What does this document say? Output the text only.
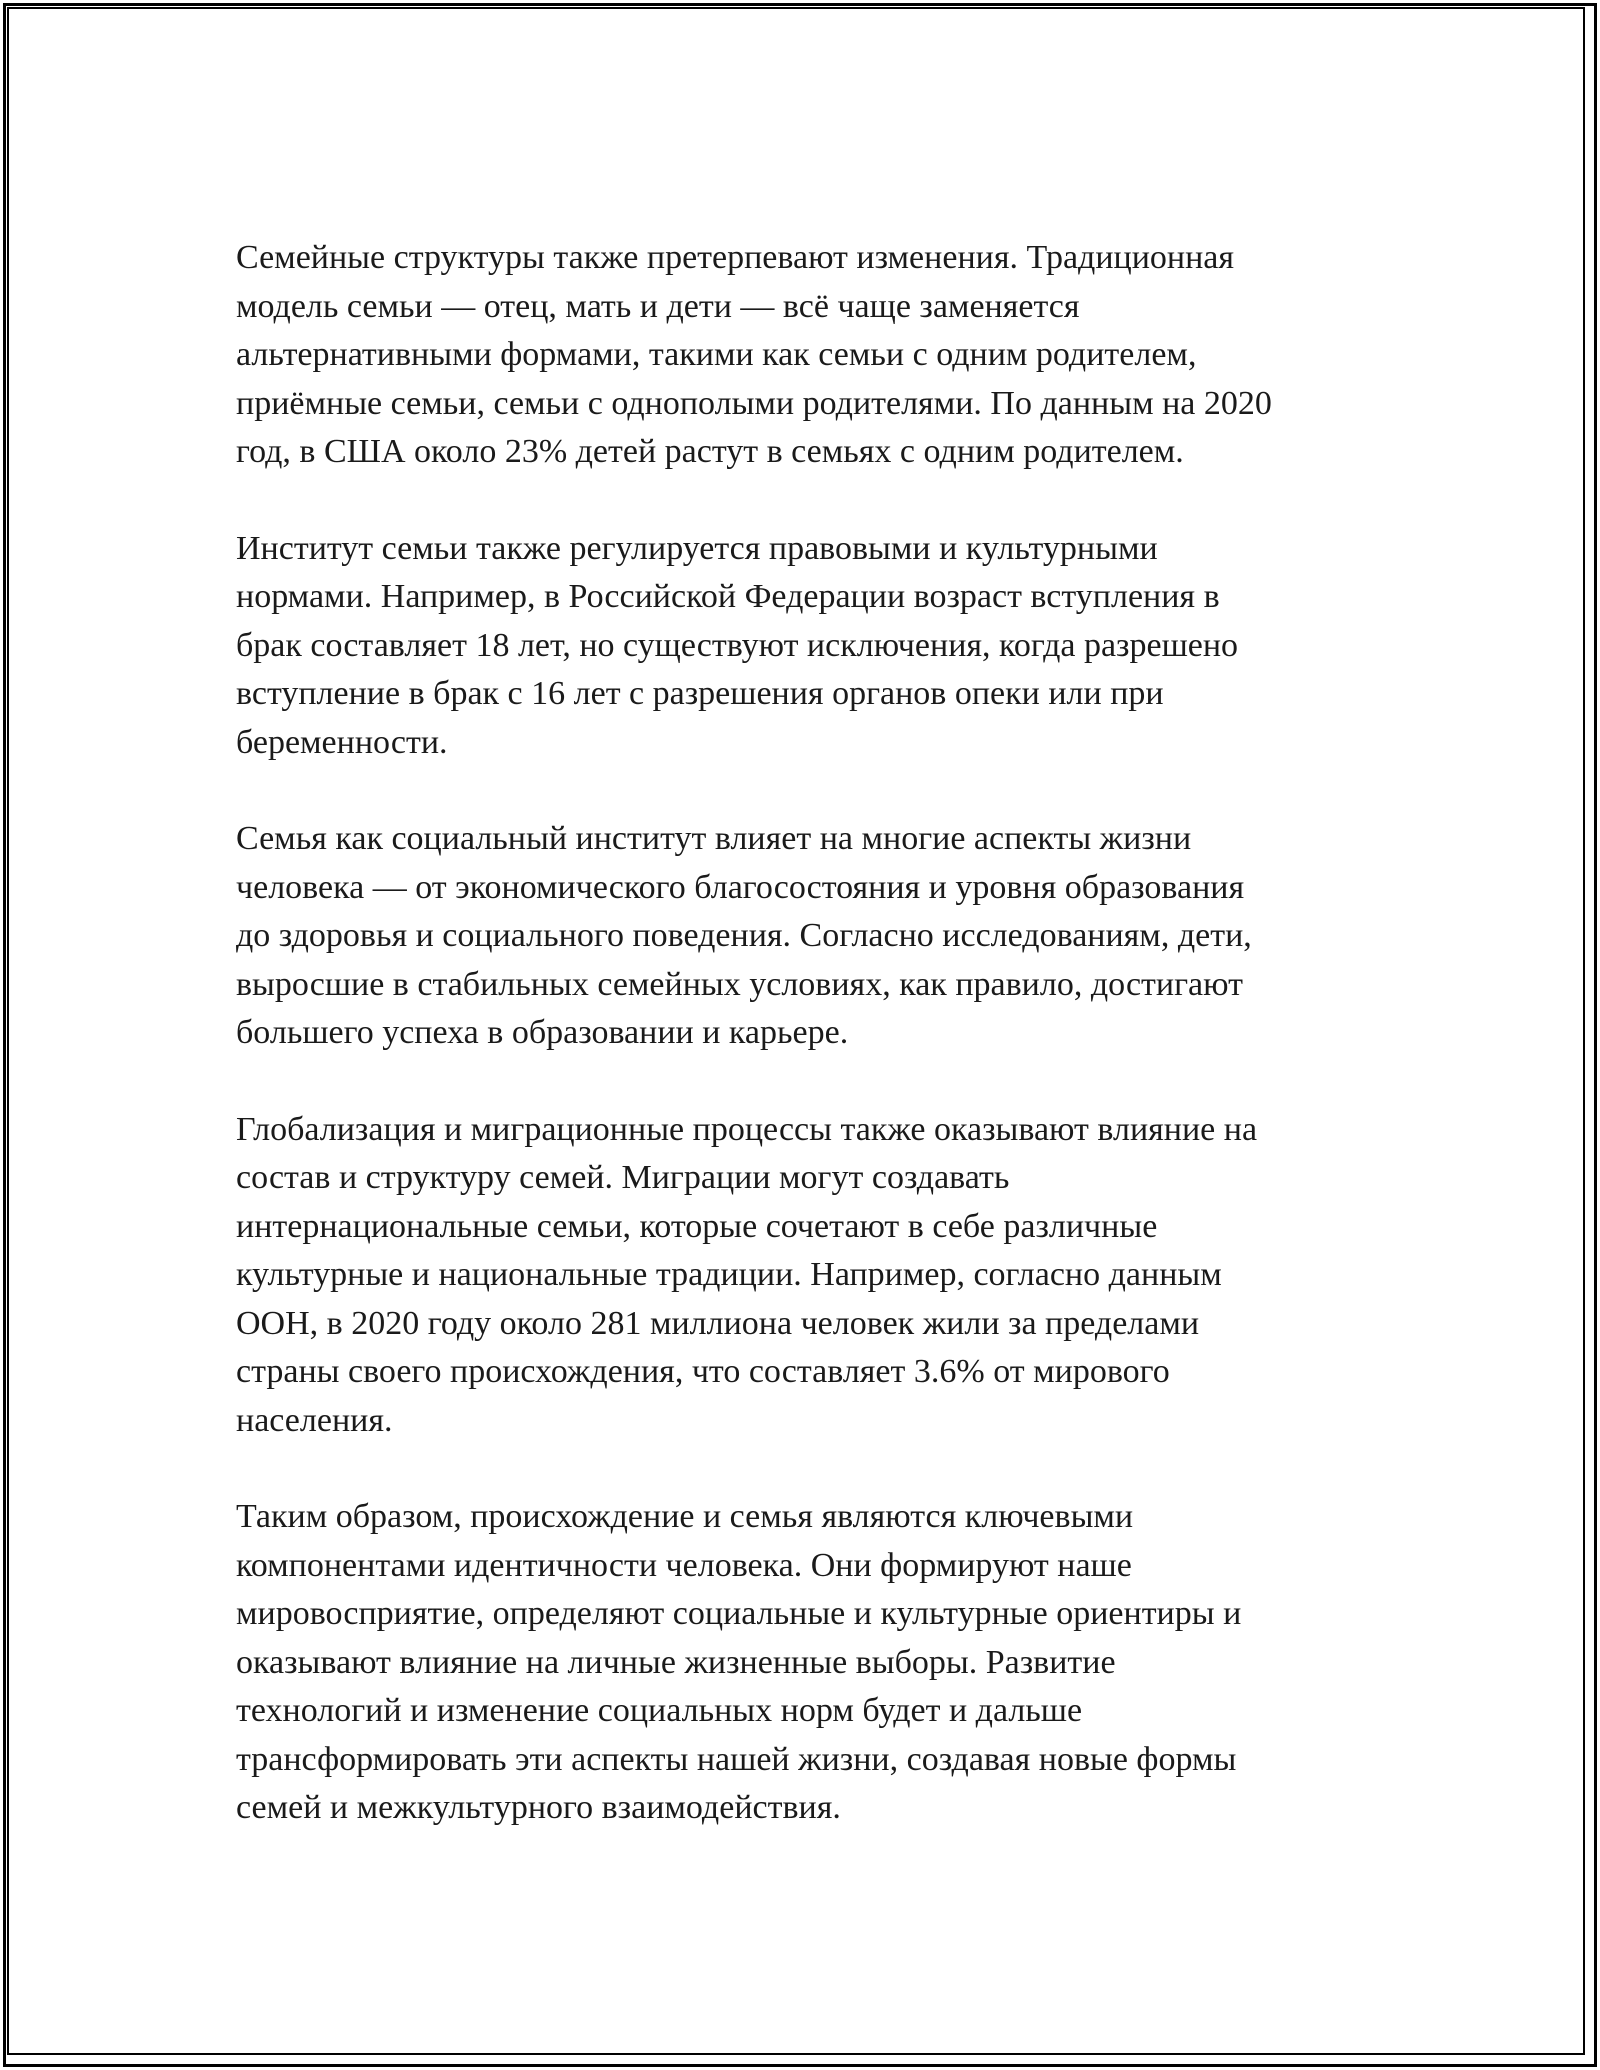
Семейные структуры также претерпевают изменения. Традиционная
модель семьи — отец, мать и дети — всё чаще заменяется
альтернативными формами, такими как семьи с одним родителем,
приёмные семьи, семьи с однополыми родителями. По данным на 2020
год, в США около 23% детей растут в семьях с одним родителем.

Институт семьи также регулируется правовыми и культурными
нормами. Например, в Российской Федерации возраст вступления в
брак составляет 18 лет, но существуют исключения, когда разрешено
вступление в брак с 16 лет с разрешения органов опеки или при
беременности.

Семья как социальный институт влияет на многие аспекты жизни
человека — от экономического благосостояния и уровня образования
до здоровья и социального поведения. Согласно исследованиям, дети,
выросшие в стабильных семейных условиях, как правило, достигают
большего успеха в образовании и карьере.

Глобализация и миграционные процессы также оказывают влияние на
состав и структуру семей. Миграции могут создавать
интернациональные семьи, которые сочетают в себе различные
культурные и национальные традиции. Например, согласно данным
ООН, в 2020 году около 281 миллиона человек жили за пределами
страны своего происхождения, что составляет 3.6% от мирового
населения.

Таким образом, происхождение и семья являются ключевыми
компонентами идентичности человека. Они формируют наше
мировосприятие, определяют социальные и культурные ориентиры и
оказывают влияние на личные жизненные выборы. Развитие
технологий и изменение социальных норм будет и дальше
трансформировать эти аспекты нашей жизни, создавая новые формы
семей и межкультурного взаимодействия.
